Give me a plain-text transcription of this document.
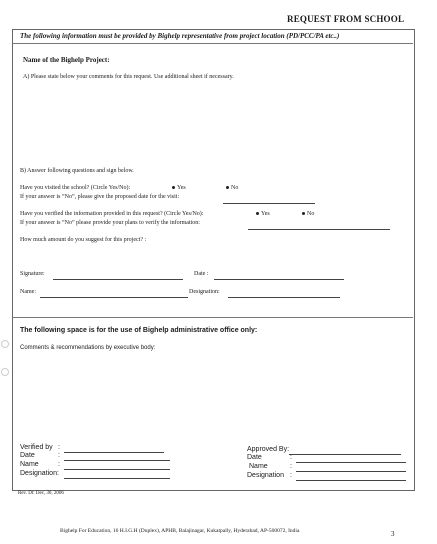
REQUEST FROM SCHOOL
The following information must be provided by Bighelp representative from project location (PD/PCC/PA etc..)
Name of the Bighelp Project:
A) Please state below your comments for this request. Use additional sheet if necessary.
B) Answer following questions and sign below.
Have you visited the school? (Circle Yes/No):	Yes	No
If your answer is “No”, please give the proposed date for the visit:
Have you verified the information provided in this request? (Circle Yes/No):	Yes	No
If your answer is “No” please provide your plans to verify the information:
How much amount do you suggest for this project? :
Signature:	Date :
Name:	Designation:
The following space is for the use of Bighelp administrative office only:
Comments & recommendations by executive body:
Verified by :
Date	:
Name	:
Designation:
Approved By:
Date	:
Name	:
Designation :
Rev. Dt: Dec, 30, 2006
Bighelp For Education, 16 H.I.G.H (Duplex), APHB, Balajinagar, Kukatpally, Hyderabad, AP-500072, India	3
